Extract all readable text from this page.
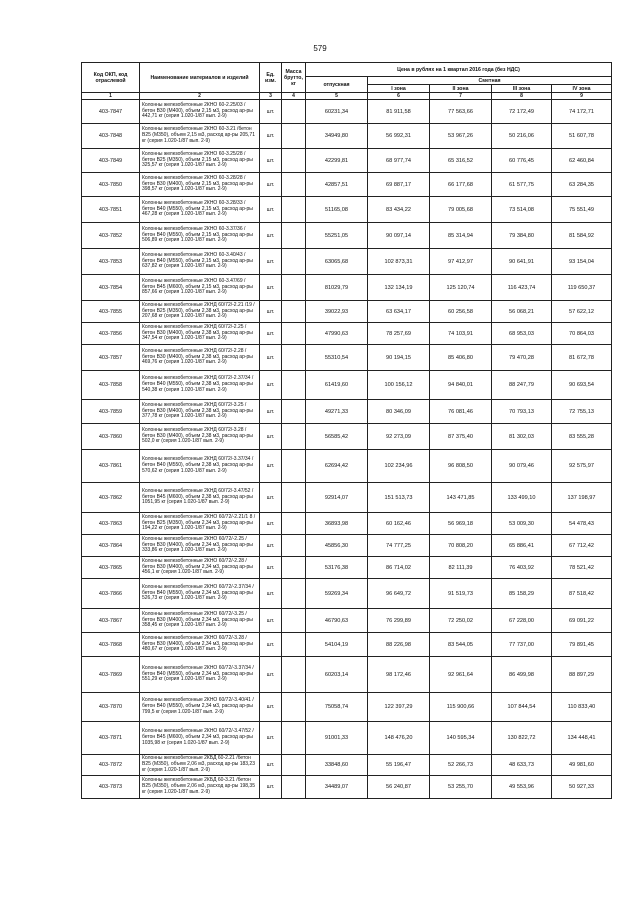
579
Код ОКП, код отраслевой	Наименование материалов и изделий	Ед. изм.	Масса брутто, кг	Цена в рублях на 1 квартал 2016 года (без НДС)				
				отпускная	Сметная			
					I зона	II зона	III зона	IV зона
1	2	3	4	5	6	7	8	9
403-7847	Колонны железобетонные 2КНО 60-2.25/03 /бетон В30 (М400), объем 2,15 м3, расход ар-ры 442,71 кг (серия 1.020-1/87 вып. 2-9)	шт.		60231,34	81 911,58	77 563,66	72 172,49	74 172,71
403-7848	Колонны железобетонные 2КНО 60-3.21 /бетон В25 (М350), объем 2,15 м3, расход ар-ры 205,71 кг (серия 1.020-1/87 вып. 2-9)	шт.		34949,80	56 992,31	53 967,26	50 216,06	51 607,78
403-7849	Колонны железобетонные 2КНО 60-3.25/28 /бетон В25 (М350), объем 2,15 м3, расход ар-ры 325,57 кг (серия 1.020-1/87 вып. 2-9)	шт.		42299,81	68 977,74	65 316,52	60 776,45	62 460,84
403-7850	Колонны железобетонные 2КНО 60-3.28/28 /бетон В30 (М400), объем 2,15 м3, расход ар-ры 398,57 кг (серия 1.020-1/87 вып. 2-9)	шт.		42857,51	69 887,17	66 177,68	61 577,75	63 284,35
403-7851	Колонны железобетонные 2КНО 60-3.28/33 /бетон В40 (М550), объем 2,15 м3, расход ар-ры 467,28 кг (серия 1.020-1/87 вып. 2-9)	шт.		51165,08	83 434,22	79 005,68	73 514,08	75 551,49
403-7852	Колонны железобетонные 2КНО 60-3.37/36 /бетон В40 (М550), объем 2,15 м3, расход ар-ры 506,89 кг (серия 1.020-1/87 вып. 2-9)	шт.		55251,05	90 097,14	85 314,94	79 384,80	81 584,92
403-7853	Колонны железобетонные 2КНО 60-3.40/43 /бетон В40 (М550), объем 2,15 м3, расход ар-ры 637,82 кг (серия 1.020-1/87 вып. 2-9)	шт.		63065,68	102 873,31	97 412,97	90 641,91	93 154,04
403-7854	Колонны железобетонные 2КНО 60-3.47/69 /бетон В45 (М600), объем 2,15 м3, расход ар-ры 857,66 кг (серия 1.020-1/87 вып. 2-9)	шт.		81029,79	132 134,19	125 120,74	116 423,74	119 650,37
403-7855	Колонны железобетонные 2КНД 60/72/-2.21 /19 /бетон В25 (М350), объем 2,38 м3, расход ар-ры 207,68 кг (серия 1.020-1/87 вып. 2-9)	шт.		39022,93	63 634,17	60 256,58	56 068,21	57 622,12
403-7856	Колонны железобетонные 2КНД 60/72/-2.25 /бетон В30 (М400), объем 2,38 м3, расход ар-ры 347,54 кг (серия 1.020-1/87 вып. 2-9)	шт.		47990,63	78 257,69	74 103,91	68 953,03	70 864,03
403-7857	Колонны железобетонные 2КНД 60/72/-2.28 /бетон В30 (М400), объем 2,38 м3, расход ар-ры 469,76 кг (серия 1.020-1/87 вып. 2-9)	шт.		55310,54	90 194,15	85 406,80	79 470,28	81 672,78
403-7858	Колонны железобетонные 2КНД 60/72/-2.37/34 /бетон В40 (М550), объем 2,38 м3, расход ар-ры 540,38 кг (серия 1.020-1/87 вып. 2-9)	шт.		61419,60	100 156,12	94 840,01	88 247,79	90 693,54
403-7859	Колонны железобетонные 2КНД 60/72/-3.25 /бетон В30 (М400), объем 2,38 м3, расход ар-ры 377,78 кг (серия 1.020-1/87 вып. 2-9)	шт.		49271,33	80 346,09	76 081,46	70 793,13	72 755,13
403-7860	Колонны железобетонные 2КНД 60/72/-3.28 /бетон В30 (М400), объем 2,38 м3, расход ар-ры 502,0 кг (серия 1.020-1/87 вып. 2-9)	шт.		56585,42	92 273,09	87 375,40	81 302,03	83 555,28
403-7861	Колонны железобетонные 2КНД 60/72/-3.37/34 /бетон В40 (М550), объем 2,38 м3, расход ар-ры 570,62 кг (серия 1.020-1/87 вып. 2-9)	шт.		62694,42	102 234,96	96 808,50	90 079,46	92 575,97
403-7862	Колонны железобетонные 2КНД 60/72/-3.47/52 /бетон В45 (М600), объем 2,38 м3, расход ар-ры 1051,95 кг (серия 1.020-1/87 вып. 2-9)	шт.		92914,07	151 513,73	143 471,85	133 499,10	137 198,97
403-7863	Колонны железобетонные 2КНО 60/72/-2.21/1 8 /бетон В25 (М350), объем 2,34 м3, расход ар-ры 194,22 кг (серия 1.020-1/87 вып. 2-9)	шт.		36893,98	60 162,46	56 969,18	53 009,30	54 478,43
403-7864	Колонны железобетонные 2КНО 60/72/-2.25 /бетон В30 (М400), объем 2,34 м3, расход ар-ры 333,86 кг (серия 1.020-1/87 вып. 2-9)	шт.		45856,30	74 777,25	70 808,20	65 886,41	67 712,42
403-7865	Колонны железобетонные 2КНО 60/72/-2.28 /бетон В30 (М400), объем 2,34 м3, расход ар-ры 456,1 кг (серия 1.020-1/87 вып. 2-9)	шт.		53176,38	86 714,02	82 111,39	76 403,92	78 521,42
403-7866	Колонны железобетонные 2КНО 60/72/-2.37/34 /бетон В40 (М550), объем 2,34 м3, расход ар-ры 526,73 кг (серия 1.020-1/87 вып. 2-9)	шт.		59269,34	96 649,72	91 519,73	85 158,29	87 518,42
403-7867	Колонны железобетонные 2КНО 60/72/-3.25 /бетон В30 (М400), объем 2,34 м3, расход ар-ры 358,45 кг (серия 1.020-1/87 вып. 2-9)	шт.		46790,63	76 299,89	72 250,02	67 228,00	69 091,22
403-7868	Колонны железобетонные 2КНО 60/72/-3.28 /бетон В30 (М400), объем 2,34 м3, расход ар-ры 480,67 кг (серия 1.020-1/87 вып. 2-9)	шт.		54104,19	88 226,98	83 544,05	77 737,00	79 891,45
403-7869	Колонны железобетонные 2КНО 60/72/-3.37/34 /бетон В40 (М550), объем 2,34 м3, расход ар-ры 551,29 кг (серия 1.020-1/87 вып. 2-9)	шт.		60203,14	98 172,46	92 961,64	86 499,98	88 897,29
403-7870	Колонны железобетонные 2КНО 60/72/-3.40/41 /бетон В40 (М550), объем 2,34 м3, расход ар-ры 799,5 кг (серия 1.020-1/87 вып. 2-9)	шт.		75058,74	122 397,29	115 900,66	107 844,54	110 833,40
403-7871	Колонны железобетонные 2КНО 60/72/-3.47/52 /бетон В45 (М600), объем 2,34 м3, расход ар-ры 1035,98 кг (серия 1.020-1/87 вып. 2-9)	шт.		91001,33	148 476,20	140 595,34	130 822,72	134 448,41
403-7872	Колонны железобетонные 2КБД 60-2.21 /бетон В25 (М350), объем 2,06 м3, расход ар-ры 183,23 кг (серия 1.020-1/87 вып. 2-9)	шт.		33848,60	55 196,47	52 266,73	48 633,73	49 981,60
403-7873	Колонны железобетонные 2КБД 60-3.21 /бетон В25 (М350), объем 2,06 м3, расход ар-ры 198,35 кг (серия 1.020-1/87 вып. 2-9)	шт.		34489,07	56 240,87	53 255,70	49 553,96	50 927,33
